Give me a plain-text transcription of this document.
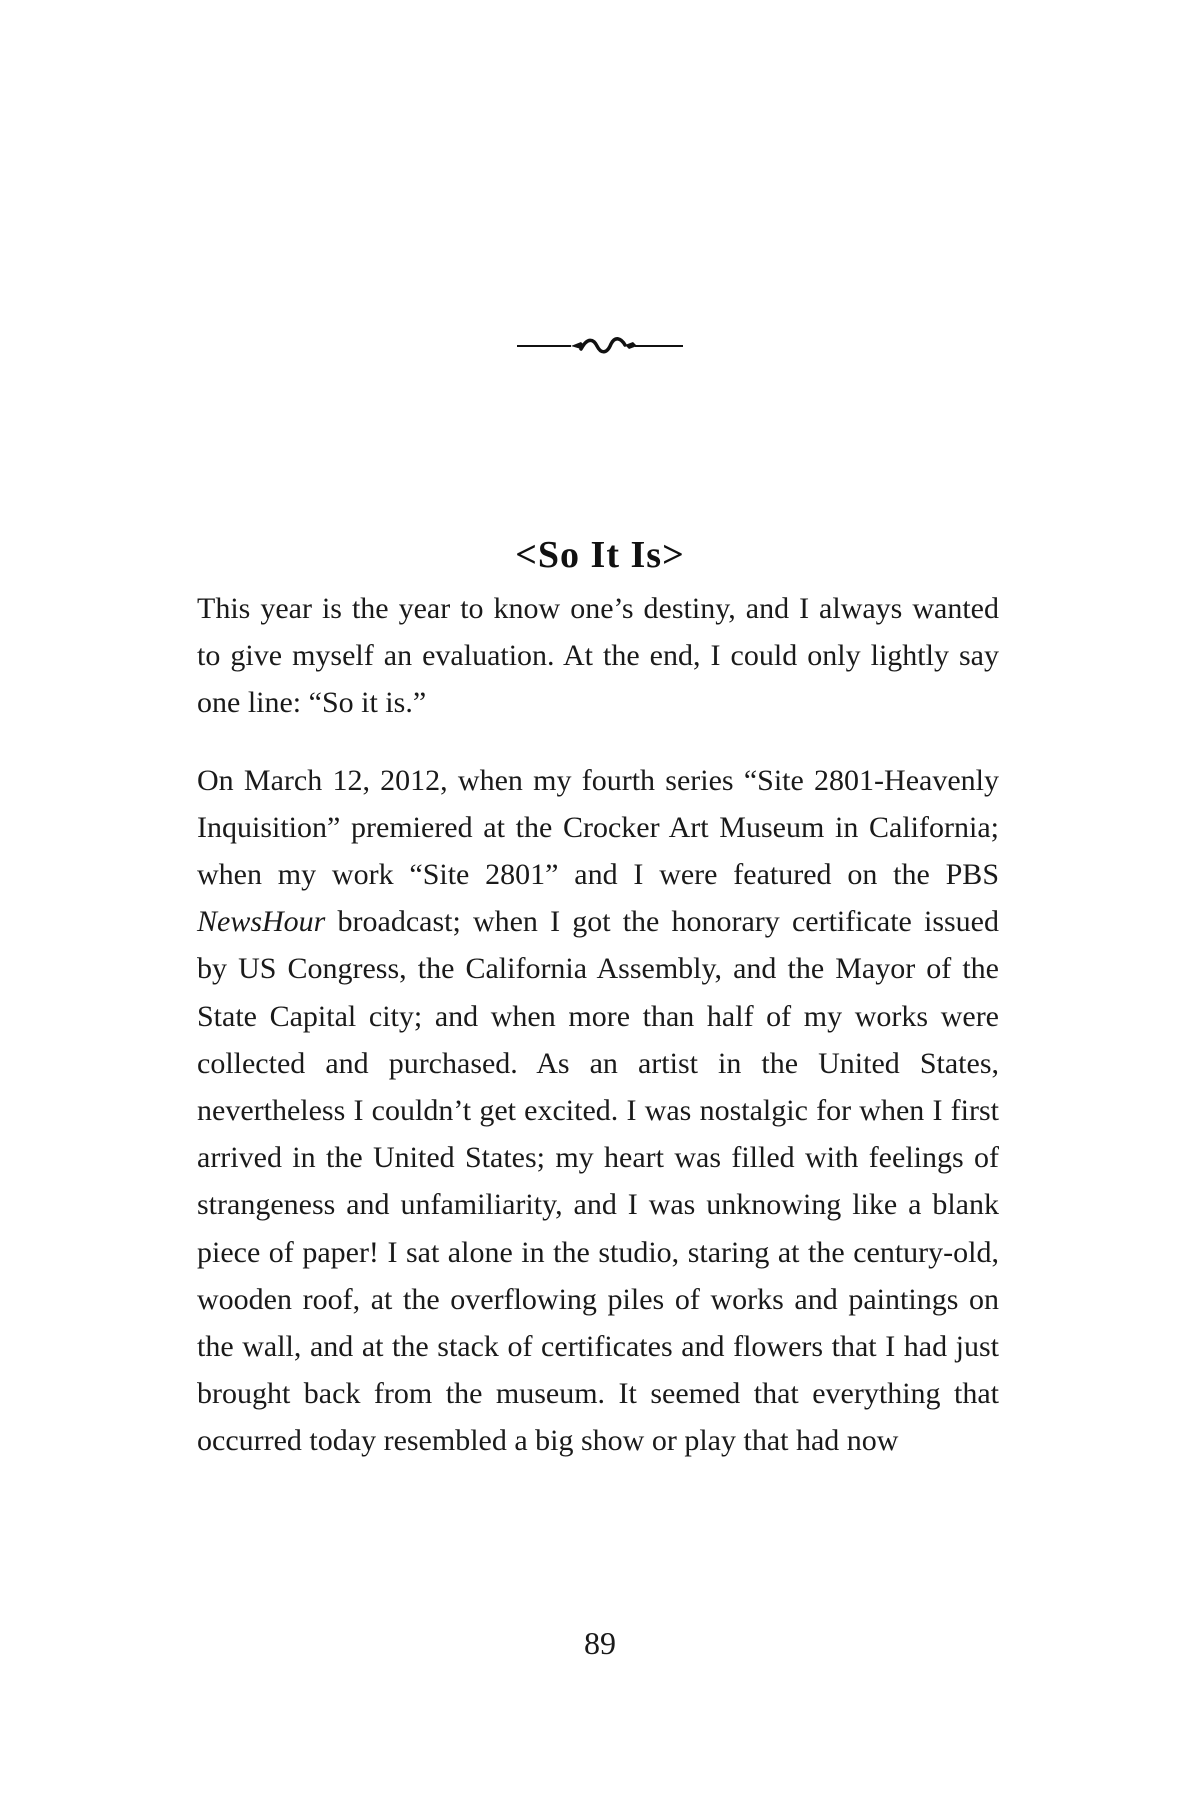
<So It Is>

This year is the year to know one’s destiny, and I always wanted to give myself an evaluation. At the end, I could only lightly say one line: “So it is.”

On March 12, 2012, when my fourth series “Site 2801-Heavenly Inquisition” premiered at the Crocker Art Museum in California; when my work “Site 2801” and I were featured on the PBS NewsHour broadcast; when I got the honorary certificate issued by US Congress, the California Assembly, and the Mayor of the State Capital city; and when more than half of my works were collected and purchased. As an artist in the United States, nevertheless I couldn’t get excited. I was nostalgic for when I first arrived in the United States; my heart was filled with feelings of strangeness and unfamiliarity, and I was unknowing like a blank piece of paper! I sat alone in the studio, staring at the century-old, wooden roof, at the overflowing piles of works and paintings on the wall, and at the stack of certificates and flowers that I had just brought back from the museum. It seemed that everything that occurred today resembled a big show or play that had now

89
